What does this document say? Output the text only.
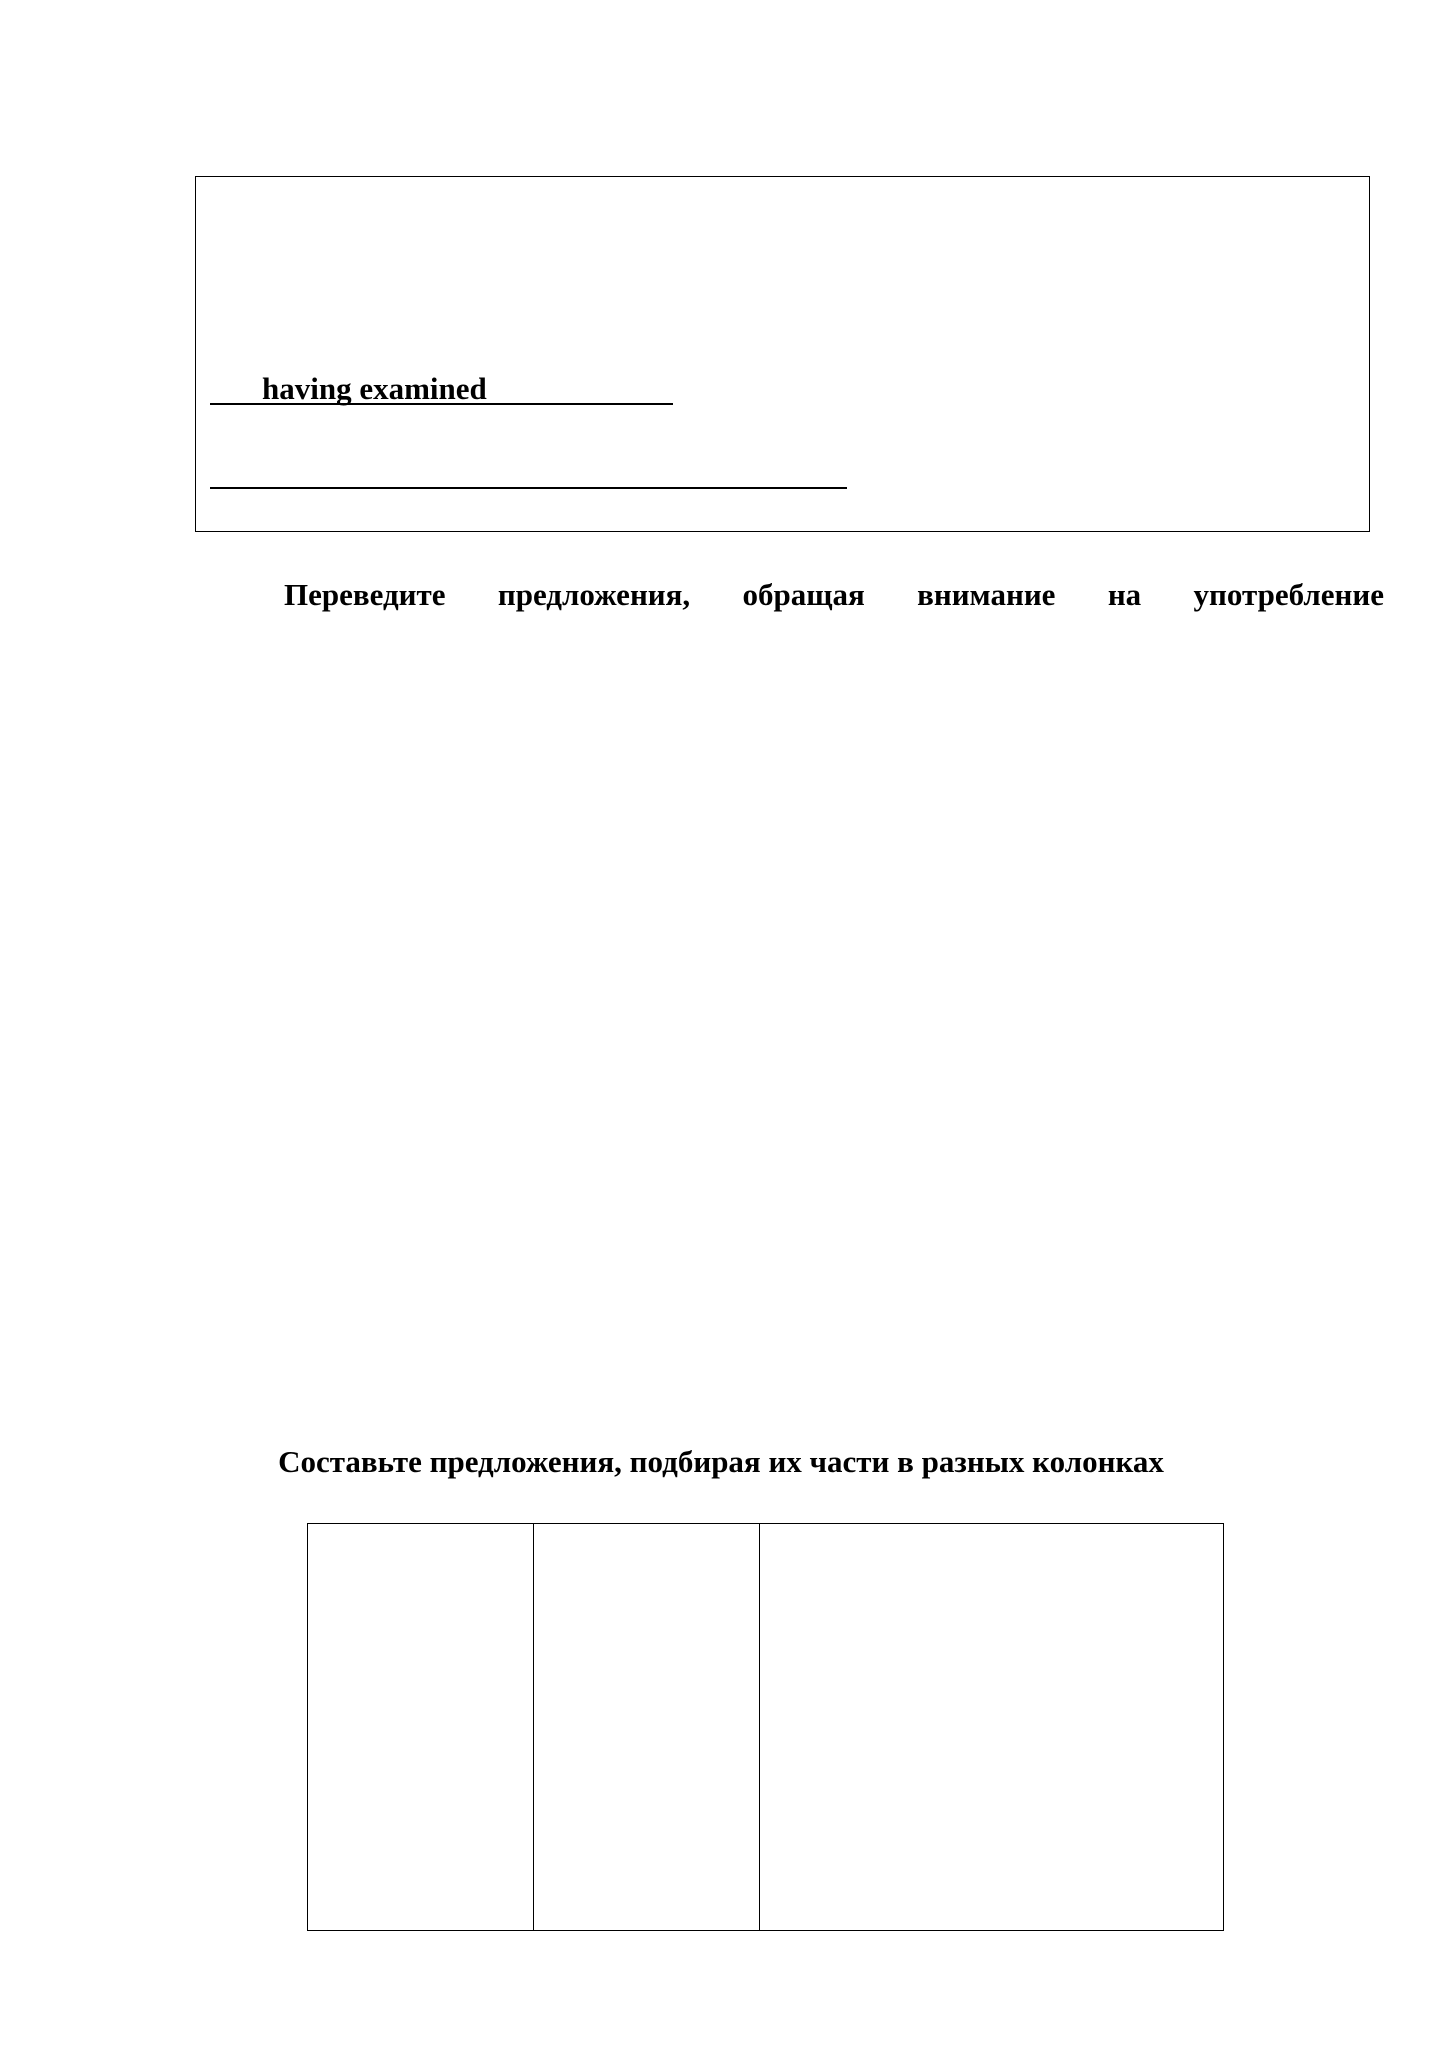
having examined
Переведите предложения, обращая внимание на употребление
Составьте предложения, подбирая их части в разных колонках
